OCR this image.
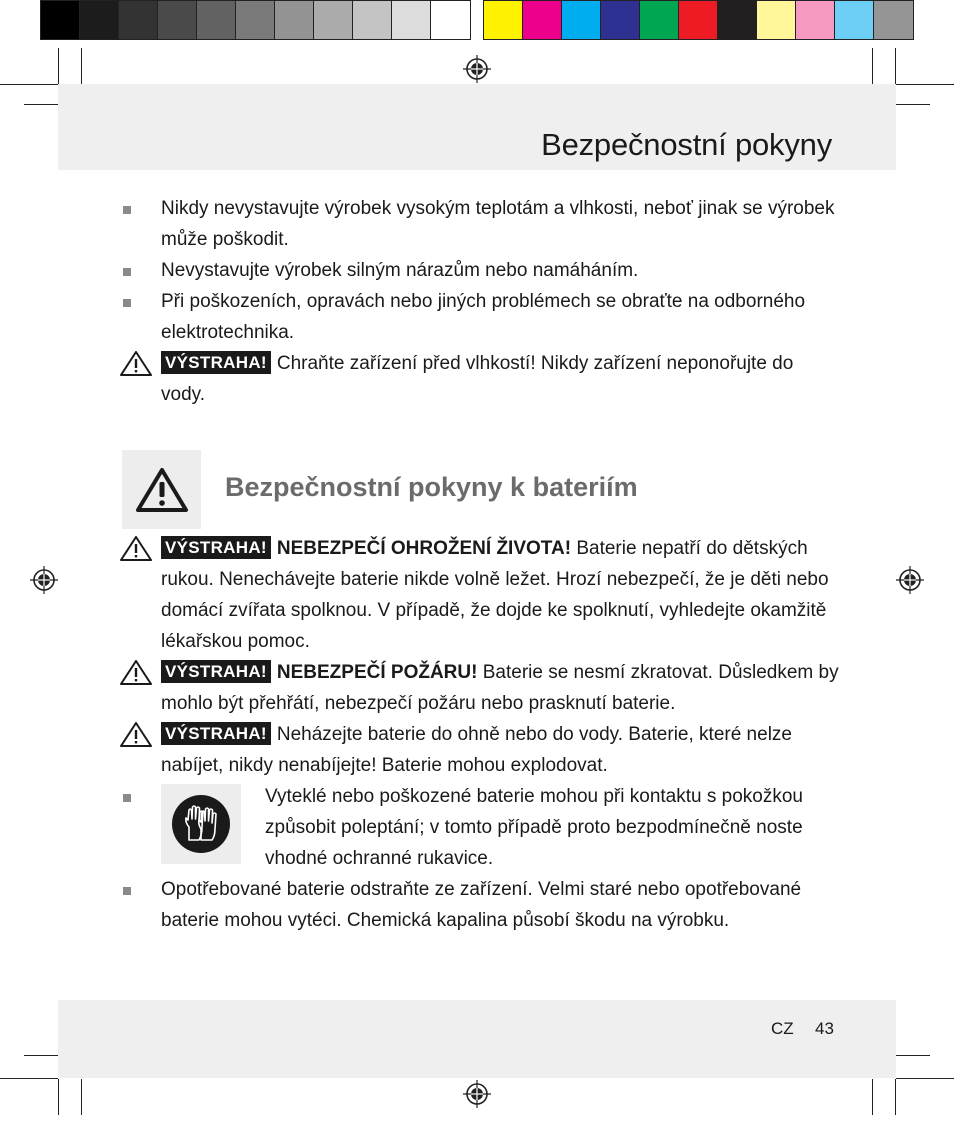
Bezpečnostní pokyny
Nikdy nevystavujte výrobek vysokým teplotám a vlhkosti, neboť jinak se výrobek může poškodit.
Nevystavujte výrobek silným nárazům nebo namáháním.
Při poškozeních, opravách nebo jiných problémech se obraťte na odborného elektrotechnika.
VÝSTRAHA! Chraňte zařízení před vlhkostí! Nikdy zařízení neponořujte do vody.
Bezpečnostní pokyny k bateriím
VÝSTRAHA! NEBEZPEČÍ OHROŽENÍ ŽIVOTA! Baterie nepatří do dětských rukou. Nenechávejte baterie nikde volně ležet. Hrozí nebezpečí, že je děti nebo domácí zvířata spolknou. V případě, že dojde ke spolknutí, vyhledejte okamžitě lékařskou pomoc.
VÝSTRAHA! NEBEZPEČÍ POŽÁRU! Baterie se nesmí zkratovat. Důsledkem by mohlo být přehřátí, nebezpečí požáru nebo prasknutí baterie.
VÝSTRAHA! Neházejte baterie do ohně nebo do vody. Baterie, které nelze nabíjet, nikdy nenabíjejte! Baterie mohou explodovat.
Vyteklé nebo poškozené baterie mohou při kontaktu s pokožkou způsobit poleptání; v tomto případě proto bezpodmínečně noste vhodné ochranné rukavice.
Opotřebované baterie odstraňte ze zařízení. Velmi staré nebo opotřebované baterie mohou vytéci. Chemická kapalina působí škodu na výrobku.
CZ 43
